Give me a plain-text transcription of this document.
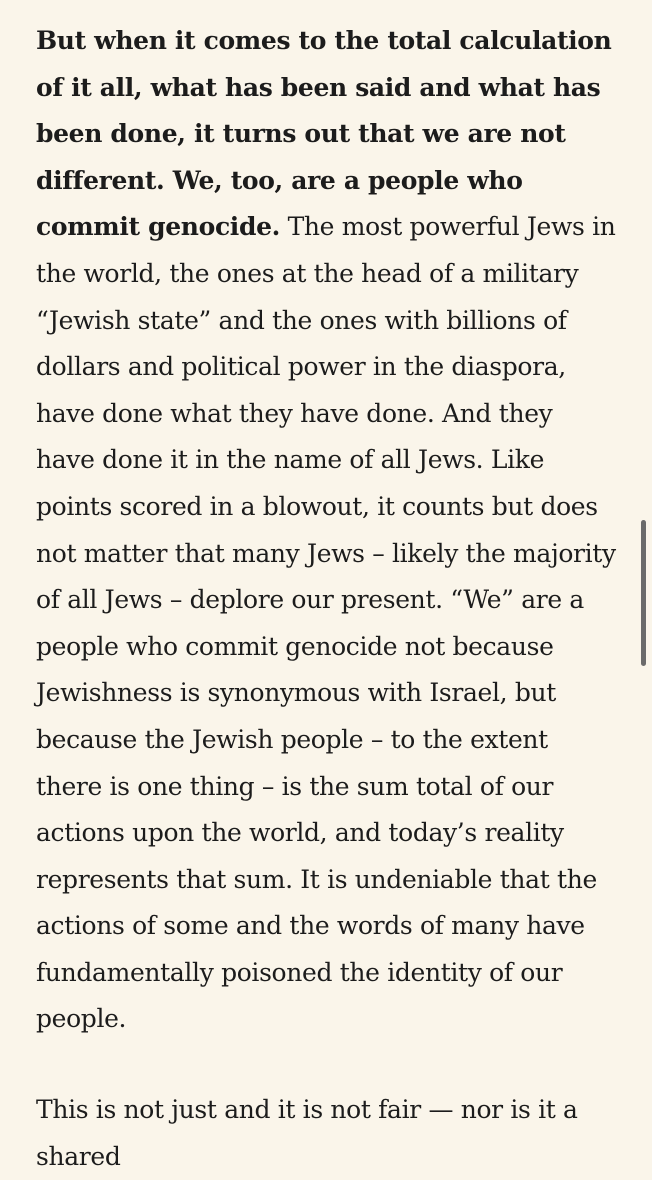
But when it comes to the total calculation of it all, what has been said and what has been done, it turns out that we are not different. We, too, are a people who commit genocide. The most powerful Jews in the world, the ones at the head of a military “Jewish state” and the ones with billions of dollars and political power in the diaspora, have done what they have done. And they have done it in the name of all Jews. Like points scored in a blowout, it counts but does not matter that many Jews – likely the majority of all Jews – deplore our present. “We” are a people who commit genocide not because Jewishness is synonymous with Israel, but because the Jewish people – to the extent there is one thing – is the sum total of our actions upon the world, and today’s reality represents that sum. It is undeniable that the actions of some and the words of many have fundamentally poisoned the identity of our people.

This is not just and it is not fair — nor is it a shared
